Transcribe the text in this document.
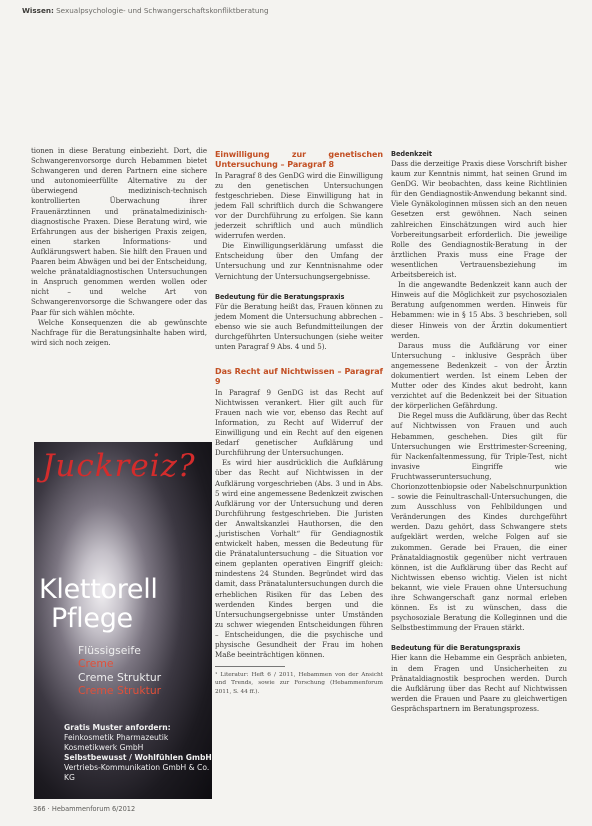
Wissen: Sexualpsychologie- und Schwangerschaftskonfliktberatung

tionen in diese Beratung einbezieht. Dort, die Schwangerenvorsorge durch Hebammen bietet Schwangeren und deren Partnern eine sichere und autonomieerfüllte Alternative zu der überwiegend medizinisch-technisch kontrollierten Überwachung ihrer Frauenärztinnen und pränatalmedizinisch-diagnostische Praxen. Diese Beratung wird, wie Erfahrungen aus der bisherigen Praxis zeigen, einen starken Informations- und Aufklärungswert haben. Sie hilft den Frauen und Paaren beim Abwägen und bei der Entscheidung, welche pränataldiagnostischen Untersuchungen in Anspruch genommen werden wollen oder nicht – und welche Art von Schwangerenvorsorge die Schwangere oder das Paar für sich wählen möchte.

Welche Konsequenzen die ab gewünschte Nachfrage für die Beratungsinhalte haben wird, wird sich noch zeigen.

Juckreiz?
Klettorell
Pflege
Flüssigseife
Creme
Creme Struktur
Creme Struktur
Gratis Muster anfordern:
Feinkosmetik Pharmazeutik
Kosmetikwerk GmbH
Selbstbewusst / Wohlfühlen GmbH
Vertriebs-Kommunikation GmbH & Co. KG
Einwilligung zur genetischen Untersuchung – Paragraf 8

In Paragraf 8 des GenDG wird die Einwilligung zu den genetischen Untersuchungen festgeschrieben. Diese Einwilligung hat in jedem Fall schriftlich durch die Schwangere vor der Durchführung zu erfolgen. Sie kann jederzeit schriftlich und auch mündlich widerrufen werden.

Die Einwilligungserklärung umfasst die Entscheidung über den Umfang der Untersuchung und zur Kenntnisnahme oder Vernichtung der Untersuchungsergebnisse.

Bedeutung für die Beratungspraxis

Für die Beratung heißt das, Frauen können zu jedem Moment die Untersuchung abbrechen – ebenso wie sie auch Befundmitteilungen der durchgeführten Untersuchungen (siehe weiter unten Paragraf 9 Abs. 4 und 5).

Das Recht auf Nichtwissen – Paragraf 9

In Paragraf 9 GenDG ist das Recht auf Nichtwissen verankert. Hier gilt auch für Frauen nach wie vor, ebenso das Recht auf Information, zu Recht auf Widerruf der Einwilligung und ein Recht auf den eigenen Bedarf genetischer Aufklärung und Durchführung der Untersuchungen.

Es wird hier ausdrücklich die Aufklärung über das Recht auf Nichtwissen in der Aufklärung vorgeschrieben (Abs. 3 und in Abs. 5 wird eine angemessene Bedenkzeit zwischen Aufklärung vor der Untersuchung und deren Durchführung festgeschrieben. Die Juristen der Anwaltskanzlei Hauthorsen, die den „juristischen Vorhalt“ für Gendiagnostik entwickelt haben, messen die Bedeutung für die Pränataluntersuchung – die Situation vor einem geplanten operativen Eingriff gleich: mindestens 24 Stunden. Begründet wird das damit, dass Pränataluntersuchungen durch die erheblichen Risiken für das Leben des werdenden Kindes bergen und die Untersuchungsergebnisse unter Umständen zu schwer wiegenden Entscheidungen führen – Entscheidungen, die die psychische und physische Gesundheit der Frau im hohen Maße beeinträchtigen können.

¹ Literatur: Heft 6 / 2011, Hebammen von der Ansicht und Trends, sowie zur Forschung (Hebammenforum 2011, S. 44 ff.).
Bedenkzeit

Dass die derzeitige Praxis diese Vorschrift bisher kaum zur Kenntnis nimmt, hat seinen Grund im GenDG. Wir beobachten, dass keine Richtlinien für den Gendiagnostik-Anwendung bekannt sind. Viele Gynäkologinnen müssen sich an den neuen Gesetzen erst gewöhnen. Nach seinen zahlreichen Einschätzungen wird auch hier Vorbereitungsarbeit erforderlich. Die jeweilige Rolle des Gendiagnostik-Beratung in der ärztlichen Praxis muss eine Frage der wesentlichen Vertrauensbeziehung im Arbeitsbereich ist.

In die angewandte Bedenkzeit kann auch der Hinweis auf die Möglichkeit zur psychosozialen Beratung aufgenommen werden. Hinweis für Hebammen: wie in § 15 Abs. 3 beschrieben, soll dieser Hinweis von der Ärztin dokumentiert werden.

Daraus muss die Aufklärung vor einer Untersuchung – inklusive Gespräch über angemessene Bedenkzeit – von der Ärztin dokumentiert werden. Ist einem Leben der Mutter oder des Kindes akut bedroht, kann verzichtet auf die Bedenkzeit bei der Situation der körperlichen Gefährdung.

Die Regel muss die Aufklärung, über das Recht auf Nichtwissen von Frauen und auch Hebammen, geschehen. Dies gilt für Untersuchungen wie Ersttrimester-Screening, für Nackenfaltenmessung, für Triple-Test, nicht invasive Eingriffe wie Fruchtwasseruntersuchung, Chorionzottenbiopsie oder Nabelschnurpunktion – sowie die Feinultraschall-Untersuchungen, die zum Ausschluss von Fehlbildungen und Veränderungen des Kindes durchgeführt werden. Dazu gehört, dass Schwangere stets aufgeklärt werden, welche Folgen auf sie zukommen. Gerade bei Frauen, die einer Pränataldiagnostik gegenüber nicht vertrauen können, ist die Aufklärung über das Recht auf Nichtwissen ebenso wichtig. Vielen ist nicht bekannt, wie viele Frauen ohne Untersuchung ihre Schwangerschaft ganz normal erleben können. Es ist zu wünschen, dass die psychosoziale Beratung die Kolleginnen und die Selbstbestimmung der Frauen stärkt.

Bedeutung für die Beratungspraxis

Hier kann die Hebamme ein Gespräch anbieten, in dem Fragen und Unsicherheiten zu Pränataldiagnostik besprochen werden. Durch die Aufklärung über das Recht auf Nichtwissen werden die Frauen und Paare zu gleichwertigen Gesprächspartnern im Beratungsprozess.

366 · Hebammenforum 6/2012
